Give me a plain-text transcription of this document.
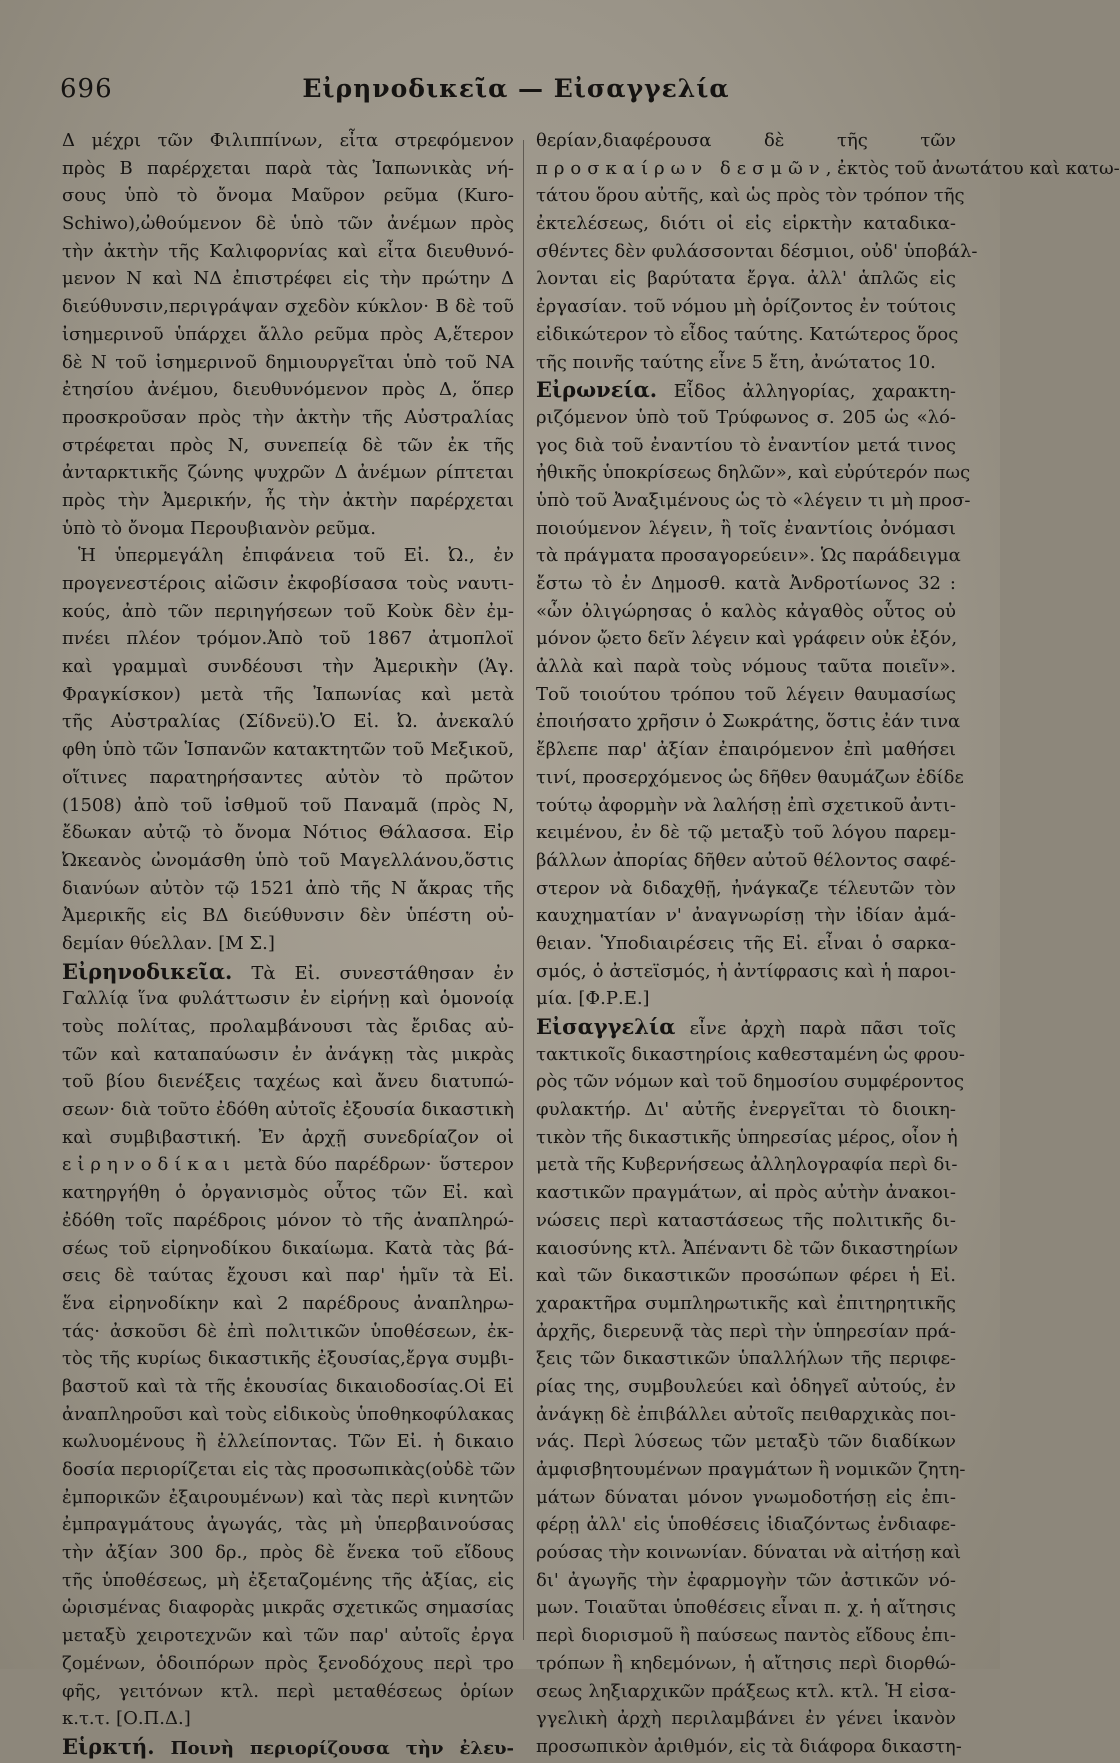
696	Εἰρηνοδικεῖα — Εἰσαγγελία
Δ μέχρι τῶν Φιλιππίνων, εἶτα στρεφόμενον
πρὸς Β παρέρχεται παρὰ τὰς Ἰαπωνικὰς νή-
σους ὑπὸ τὸ ὄνομα Μαῦρον ρεῦμα (Kuro-
Schiwo),ὠθούμενον δὲ ὑπὸ τῶν ἀνέμων πρὸς
τὴν ἀκτὴν τῆς Καλιφορνίας καὶ εἶτα διευθυνό-
μενον Ν καὶ ΝΔ ἐπιστρέφει εἰς τὴν πρώτην Δ
διεύθυνσιν,περιγράψαν σχεδὸν κύκλον· Β δὲ τοῦ
ἰσημερινοῦ ὑπάρχει ἄλλο ρεῦμα πρὸς Α,ἕτερον
δὲ Ν τοῦ ἰσημερινοῦ δημιουργεῖται ὑπὸ τοῦ ΝΑ
ἐτησίου ἀνέμου, διευθυνόμενον πρὸς Δ, ὅπερ
προσκροῦσαν πρὸς τὴν ἀκτὴν τῆς Αὐστραλίας
στρέφεται πρὸς Ν, συνεπείᾳ δὲ τῶν ἐκ τῆς
ἀνταρκτικῆς ζώνης ψυχρῶν Δ ἀνέμων ρίπτεται
πρὸς τὴν Ἀμερικήν, ἧς τὴν ἀκτὴν παρέρχεται
ὑπὸ τὸ ὄνομα Περουβιανὸν ρεῦμα.
Ἡ ὑπερμεγάλη ἐπιφάνεια τοῦ Εἰ. Ὠ., ἐν
προγενεστέροις αἰῶσιν ἐκφοβίσασα τοὺς ναυτι-
κούς, ἀπὸ τῶν περιηγήσεων τοῦ Κοὺκ δὲν ἐμ-
πνέει πλέον τρόμον.Ἀπὸ τοῦ 1867 ἀτμοπλοϊ
καὶ γραμμαὶ συνδέουσι τὴν Ἀμερικὴν (Ἁγ.
Φραγκίσκον) μετὰ τῆς Ἰαπωνίας καὶ μετὰ
τῆς Αὐστραλίας (Σίδνεϋ).Ὁ Εἰ. Ὠ. ἀνεκαλύ
φθη ὑπὸ τῶν Ἱσπανῶν κατακτητῶν τοῦ Μεξικοῦ,
οἵτινες παρατηρήσαντες αὐτὸν τὸ πρῶτον
(1508) ἀπὸ τοῦ ἰσθμοῦ τοῦ Παναμᾶ (πρὸς Ν,
ἔδωκαν αὐτῷ τὸ ὄνομα Νότιος Θάλασσα. Εἰρ
Ὠκεανὸς ὠνομάσθη ὑπὸ τοῦ Μαγελλάνου,ὅστις
διανύων αὐτὸν τῷ 1521 ἀπὸ τῆς Ν ἄκρας τῆς
Ἀμερικῆς εἰς ΒΔ διεύθυνσιν δὲν ὑπέστη οὐ-
δεμίαν θύελλαν. [Μ Σ.]
Εἰρηνοδικεῖα. Τὰ Εἰ. συνεστάθησαν ἐν
Γαλλίᾳ ἵνα φυλάττωσιν ἐν εἰρήνῃ καὶ ὁμονοίᾳ
τοὺς πολίτας, προλαμβάνουσι τὰς ἔριδας αὐ-
τῶν καὶ καταπαύωσιν ἐν ἀνάγκῃ τὰς μικρὰς
τοῦ βίου διενέξεις ταχέως καὶ ἄνευ διατυπώ-
σεων· διὰ τοῦτο ἐδόθη αὐτοῖς ἐξουσία δικαστικὴ
καὶ συμβιβαστική. Ἐν ἀρχῇ συνεδρίαζον οἱ
εἰρηνοδίκαι μετὰ δύο παρέδρων· ὕστερον
κατηργήθη ὁ ὀργανισμὸς οὗτος τῶν Εἰ. καὶ
ἐδόθη τοῖς παρέδροις μόνον τὸ τῆς ἀναπληρώ-
σέως τοῦ εἰρηνοδίκου δικαίωμα. Κατὰ τὰς βά-
σεις δὲ ταύτας ἔχουσι καὶ παρ' ἡμῖν τὰ Εἰ.
ἕνα εἰρηνοδίκην καὶ 2 παρέδρους ἀναπληρω-
τάς· ἀσκοῦσι δὲ ἐπὶ πολιτικῶν ὑποθέσεων, ἐκ-
τὸς τῆς κυρίως δικαστικῆς ἐξουσίας,ἔργα συμβι-
βαστοῦ καὶ τὰ τῆς ἑκουσίας δικαιοδοσίας.Οἱ Εἰ
ἀναπληροῦσι καὶ τοὺς εἰδικοὺς ὑποθηκοφύλακας
κωλυομένους ἢ ἐλλείποντας. Τῶν Εἰ. ἡ δικαιο
δοσία περιορίζεται εἰς τὰς προσωπικὰς(οὐδὲ τῶν
ἐμπορικῶν ἐξαιρουμένων) καὶ τὰς περὶ κινητῶν
ἐμπραγμάτους ἀγωγάς, τὰς μὴ ὑπερβαινούσας
τὴν ἀξίαν 300 δρ., πρὸς δὲ ἕνεκα τοῦ εἴδους
τῆς ὑποθέσεως, μὴ ἐξεταζομένης τῆς ἀξίας, εἰς
ὡρισμένας διαφορὰς μικρᾶς σχετικῶς σημασίας
μεταξὺ χειροτεχνῶν καὶ τῶν παρ' αὐτοῖς ἐργα
ζομένων, ὁδοιπόρων πρὸς ξενοδόχους περὶ τρο
φῆς, γειτόνων κτλ. περὶ μεταθέσεως ὁρίων
κ.τ.τ. [Ο.Π.Δ.]
Εἱρκτή. Ποινὴ περιορίζουσα τὴν ἐλευ-
θερίαν,διαφέρουσα δὲ τῆς τῶν
προσκαίρων δεσμῶν, ἐκτὸς τοῦ ἀνωτάτου καὶ κατω-
τάτου ὅρου αὐτῆς, καὶ ὡς πρὸς τὸν τρόπον τῆς
ἐκτελέσεως, διότι οἱ εἰς εἱρκτὴν καταδικα-
σθέντες δὲν φυλάσσονται δέσμιοι, οὐδ' ὑποβάλ-
λονται εἰς βαρύτατα ἔργα. ἀλλ' ἁπλῶς εἰς
ἐργασίαν. τοῦ νόμου μὴ ὁρίζοντος ἐν τούτοις
εἰδικώτερον τὸ εἶδος ταύτης. Κατώτερος ὅρος
τῆς ποινῆς ταύτης εἶνε 5 ἔτη, ἀνώτατος 10.
Εἰρωνεία. Εἶδος ἀλληγορίας, χαρακτη-
ριζόμενον ὑπὸ τοῦ Τρύφωνος σ. 205 ὡς «λό-
γος διὰ τοῦ ἐναντίου τὸ ἐναντίον μετά τινος
ἠθικῆς ὑποκρίσεως δηλῶν», καὶ εὐρύτερόν πως
ὑπὸ τοῦ Ἀναξιμένους ὡς τὸ «λέγειν τι μὴ προσ-
ποιούμενον λέγειν, ἢ τοῖς ἐναντίοις ὀνόμασι
τὰ πράγματα προσαγορεύειν». Ὡς παράδειγμα
ἔστω τὸ ἐν Δημοσθ. κατὰ Ἀνδροτίωνος 32 :
«ὧν ὀλιγώρησας ὁ καλὸς κἀγαθὸς οὗτος οὐ
μόνον ᾤετο δεῖν λέγειν καὶ γράφειν οὐκ ἐξόν,
ἀλλὰ καὶ παρὰ τοὺς νόμους ταῦτα ποιεῖν».
Τοῦ τοιούτου τρόπου τοῦ λέγειν θαυμασίως
ἐποιήσατο χρῆσιν ὁ Σωκράτης, ὅστις ἐάν τινα
ἔβλεπε παρ' ἀξίαν ἐπαιρόμενον ἐπὶ μαθήσει
τινί, προσερχόμενος ὡς δῆθεν θαυμάζων ἐδίδε
τούτῳ ἀφορμὴν νὰ λαλήσῃ ἐπὶ σχετικοῦ ἀντι-
κειμένου, ἐν δὲ τῷ μεταξὺ τοῦ λόγου παρεμ-
βάλλων ἀπορίας δῆθεν αὐτοῦ θέλοντος σαφέ-
στερον νὰ διδαχθῇ, ἠνάγκαζε τέλευτῶν τὸν
καυχηματίαν ν' ἀναγνωρίσῃ τὴν ἰδίαν ἀμά-
θειαν. Ὑποδιαιρέσεις τῆς Εἰ. εἶναι ὁ σαρκα-
σμός, ὁ ἀστεϊσμός, ἡ ἀντίφρασις καὶ ἡ παροι-
μία. [Φ.Ρ.Ε.]
Εἰσαγγελία εἶνε ἀρχὴ παρὰ πᾶσι τοῖς
τακτικοῖς δικαστηρίοις καθεσταμένη ὡς φρου-
ρὸς τῶν νόμων καὶ τοῦ δημοσίου συμφέροντος
φυλακτήρ. Δι' αὐτῆς ἐνεργεῖται τὸ διοικη-
τικὸν τῆς δικαστικῆς ὑπηρεσίας μέρος, οἷον ἡ
μετὰ τῆς Κυβερνήσεως ἀλληλογραφία περὶ δι-
καστικῶν πραγμάτων, αἱ πρὸς αὐτὴν ἀνακοι-
νώσεις περὶ καταστάσεως τῆς πολιτικῆς δι-
καιοσύνης κτλ. Ἀπέναντι δὲ τῶν δικαστηρίων
καὶ τῶν δικαστικῶν προσώπων φέρει ἡ Εἰ.
χαρακτῆρα συμπληρωτικῆς καὶ ἐπιτηρητικῆς
ἀρχῆς, διερευνᾷ τὰς περὶ τὴν ὑπηρεσίαν πρά-
ξεις τῶν δικαστικῶν ὑπαλλήλων τῆς περιφε-
ρίας της, συμβουλεύει καὶ ὁδηγεῖ αὐτούς, ἐν
ἀνάγκῃ δὲ ἐπιβάλλει αὐτοῖς πειθαρχικὰς ποι-
νάς. Περὶ λύσεως τῶν μεταξὺ τῶν διαδίκων
ἀμφισβητουμένων πραγμάτων ἢ νομικῶν ζητη-
μάτων δύναται μόνον γνωμοδοτήσῃ εἰς ἐπι-
φέρῃ ἀλλ' εἰς ὑποθέσεις ἰδιαζόντως ἐνδιαφε-
ρούσας τὴν κοινωνίαν. δύναται νὰ αἰτήσῃ καὶ
δι' ἀγωγῆς τὴν ἐφαρμογὴν τῶν ἀστικῶν νό-
μων. Τοιαῦται ὑποθέσεις εἶναι π. χ. ἡ αἴτησις
περὶ διορισμοῦ ἢ παύσεως παντὸς εἴδους ἐπι-
τρόπων ἢ κηδεμόνων, ἡ αἴτησις περὶ διορθώ-
σεως ληξιαρχικῶν πράξεως κτλ. κτλ. Ἡ εἰσα-
γγελικὴ ἀρχὴ περιλαμβάνει ἐν γένει ἱκανὸν
προσωπικὸν ἀριθμόν, εἰς τὰ διάφορα δικαστη-
